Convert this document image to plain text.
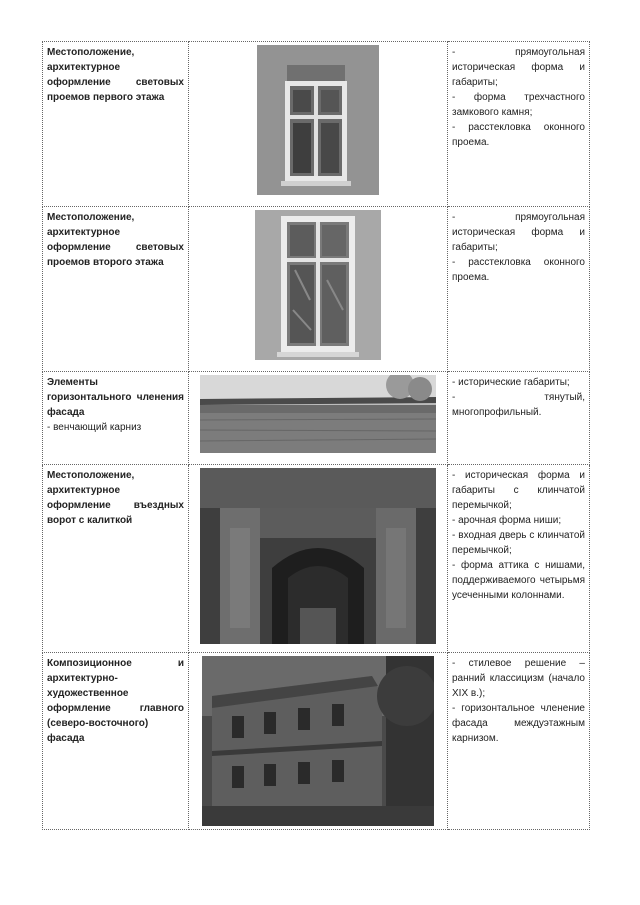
Местоположение, архитектурное оформление световых проемов первого этажа		- прямоугольная историческая форма и габариты;
- форма трехчастного замкового камня;
- расстекловка оконного проема.

Местоположение, архитектурное оформление световых проемов второго этажа		- прямоугольная историческая форма и габариты;
- расстекловка оконного проема.

Элементы горизонтального членения фасада
- венчающий карниз		- исторические габариты;
- тянутый, многопрофильный.

Местоположение, архитектурное оформление въездных ворот с калиткой		- историческая форма и габариты с клинчатой перемычкой;
- арочная форма ниши;
- входная дверь с клинчатой перемычкой;
- форма аттика с нишами, поддерживаемого четырьмя усеченными колоннами.

Композиционное и архитектурно-художественное оформление главного (северо-восточного) фасада		- стилевое решение – ранний классицизм (начало XIX в.);
- горизонтальное членение фасада междуэтажным карнизом.
